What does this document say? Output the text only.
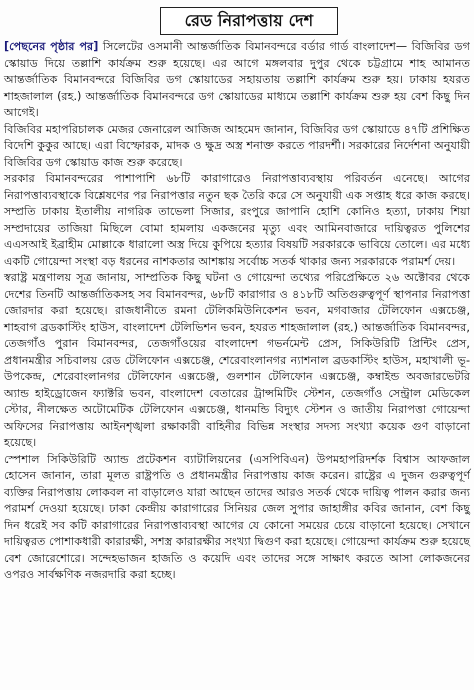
রেড নিরাপত্তায় দেশ

[পেছনের পৃষ্ঠার পর] সিলেটের ওসমানী আন্তর্জাতিক বিমানবন্দরে বর্ডার গার্ড বাংলাদেশ— বিজিবির ডগ স্কোয়াড দিয়ে তল্লাশি কার্যক্রম শুরু হয়েছে। এর আগে মঙ্গলবার দুপুর থেকে চট্টগ্রামে শাহ আমানত আন্তর্জাতিক বিমানবন্দরে বিজিবির ডগ স্কোয়াডের সহায়তায় তল্লাশি কার্যক্রম শুরু হয়। ঢাকায় হযরত শাহজালাল (রহ.) আন্তর্জাতিক বিমানবন্দরে ডগ স্কোয়াডের মাধ্যমে তল্লাশি কার্যক্রম শুরু হয় বেশ কিছু দিন আগেই।

বিজিবির মহাপরিচালক মেজর জেনারেল আজিজ আহমেদ জানান, বিজিবির ডগ স্কোয়াডে ৪৭টি প্রশিক্ষিত বিদেশি কুকুর আছে। এরা বিস্ফোরক, মাদক ও ক্ষুদ্র অস্ত্র শনাক্ত করতে পারদর্শী। সরকারের নির্দেশনা অনুযায়ী বিজিবির ডগ স্কোয়াড কাজ শুরু করেছে।

সরকার বিমানবন্দরের পাশাপাশি ৬৮টি কারাগারেও নিরাপত্তাব্যবস্থায় পরিবর্তন এনেছে। আগের নিরাপত্তাব্যবস্থাকে বিশ্লেষণের পর নিরাপত্তার নতুন ছক তৈরি করে সে অনুযায়ী এক সপ্তাহ ধরে কাজ করছে। সম্প্রতি ঢাকায় ইতালীয় নাগরিক তাভেলা সিজার, রংপুরে জাপানি হোশি কোনিও হত্যা, ঢাকায় শিয়া সম্প্রদায়ের তাজিয়া মিছিলে বোমা হামলায় একজনের মৃত্যু এবং আমিনবাজারে দায়িত্বরত পুলিশের এএসআই ইব্রাহীম মোল্লাকে ধারালো অস্ত্র দিয়ে কুপিয়ে হত্যার বিষয়টি সরকারকে ভাবিয়ে তোলে। এর মধ্যে একটি গোয়েন্দা সংস্থা বড় ধরনের নাশকতার আশঙ্কায় সর্বোচ্চ সতর্ক থাকার জন্য সরকারকে পরামর্শ দেয়।

স্বরাষ্ট্র মন্ত্রণালয় সূত্র জানায়, সাম্প্রতিক কিছু ঘটনা ও গোয়েন্দা তথ্যের পরিপ্রেক্ষিতে ২৬ অক্টোবর থেকে দেশের তিনটি আন্তর্জাতিকসহ সব বিমানবন্দর, ৬৮টি কারাগার ও ৪১৮টি অতিগুরুত্বপূর্ণ স্থাপনার নিরাপত্তা জোরদার করা হয়েছে। রাজধানীতে রমনা টেলিকমিউনিকেশন ভবন, মগবাজার টেলিফোন এক্সচেঞ্জ, শাহবাগ ব্রডকাস্টিং হাউস, বাংলাদেশ টেলিভিশন ভবন, হযরত শাহজালাল (রহ.) আন্তর্জাতিক বিমানবন্দর, তেজগাঁও পুরান বিমানবন্দর, তেজগাঁওয়ের বাংলাদেশ গভর্নমেন্ট প্রেস, সিকিউরিটি প্রিন্টিং প্রেস, প্রধানমন্ত্রীর সচিবালয় রেড টেলিফোন এক্সচেঞ্জ, শেরেবাংলানগর ন্যাশনাল ব্রডকাস্টিং হাউস, মহাখালী ভূ-উপকেন্দ্র, শেরেবাংলানগর টেলিফোন এক্সচেঞ্জ, গুলশান টেলিফোন এক্সচেঞ্জ, কম্বাইন্ড অবজারভেটরি অ্যান্ড হাইড্রোজেন ফ্যাক্টরি ভবন, বাংলাদেশ বেতারের ট্রান্সমিটিং স্টেশন, তেজগাঁও সেন্ট্রাল মেডিকেল স্টোর, নীলক্ষেত অটোমেটিক টেলিফোন এক্সচেঞ্জ, ধানমন্ডি বিদ্যুৎ স্টেশন ও জাতীয় নিরাপত্তা গোয়েন্দা অফিসের নিরাপত্তায় আইনশৃঙ্খলা রক্ষাকারী বাহিনীর বিভিন্ন সংস্থার সদস্য সংখ্যা কয়েক গুণ বাড়ানো হয়েছে।

স্পেশাল সিকিউরিটি অ্যান্ড প্রটেকশন ব্যাটালিয়নের (এসপিবিএন) উপমহাপরিদর্শক বিশ্বাস আফজাল হোসেন জানান, তারা মূলত রাষ্ট্রপতি ও প্রধানমন্ত্রীর নিরাপত্তায় কাজ করেন। রাষ্ট্রের এ দুজন গুরুত্বপূর্ণ ব্যক্তির নিরাপত্তায় লোকবল না বাড়ালেও যারা আছেন তাদের আরও সতর্ক থেকে দায়িত্ব পালন করার জন্য পরামর্শ দেওয়া হয়েছে। ঢাকা কেন্দ্রীয় কারাগারের সিনিয়র জেল সুপার জাহাঙ্গীর কবির জানান, বেশ কিছু দিন ধরেই সব কটি কারাগারের নিরাপত্তাব্যবস্থা আগের যে কোনো সময়ের চেয়ে বাড়ানো হয়েছে। সেখানে দায়িত্বরত পোশাকধারী কারারক্ষী, সশস্ত্র কারারক্ষীর সংখ্যা দ্বিগুণ করা হয়েছে। গোয়েন্দা কার্যক্রম শুরু হয়েছে বেশ জোরেশোরে। সন্দেহভাজন হাজতি ও কয়েদি এবং তাদের সঙ্গে সাক্ষাৎ করতে আসা লোকজনের ওপরও সার্বক্ষণিক নজরদারি করা হচ্ছে।
